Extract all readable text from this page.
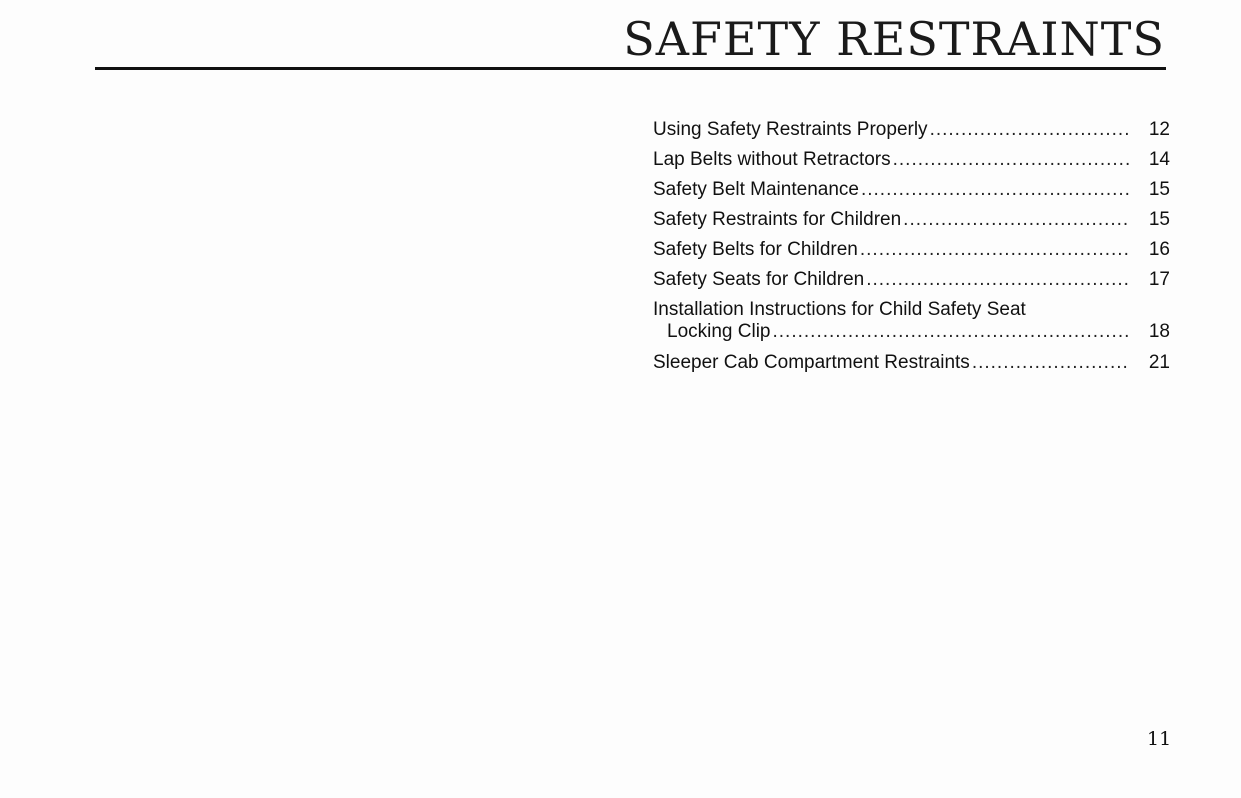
SAFETY RESTRAINTS
Using Safety Restraints Properly .....	12
Lap Belts without Retractors .....	14
Safety Belt Maintenance .....	15
Safety Restraints for Children .....	15
Safety Belts for Children .....	16
Safety Seats for Children .....	17
Installation Instructions for Child Safety Seat
Locking Clip .....	18
Sleeper Cab Compartment Restraints .....	21
11
